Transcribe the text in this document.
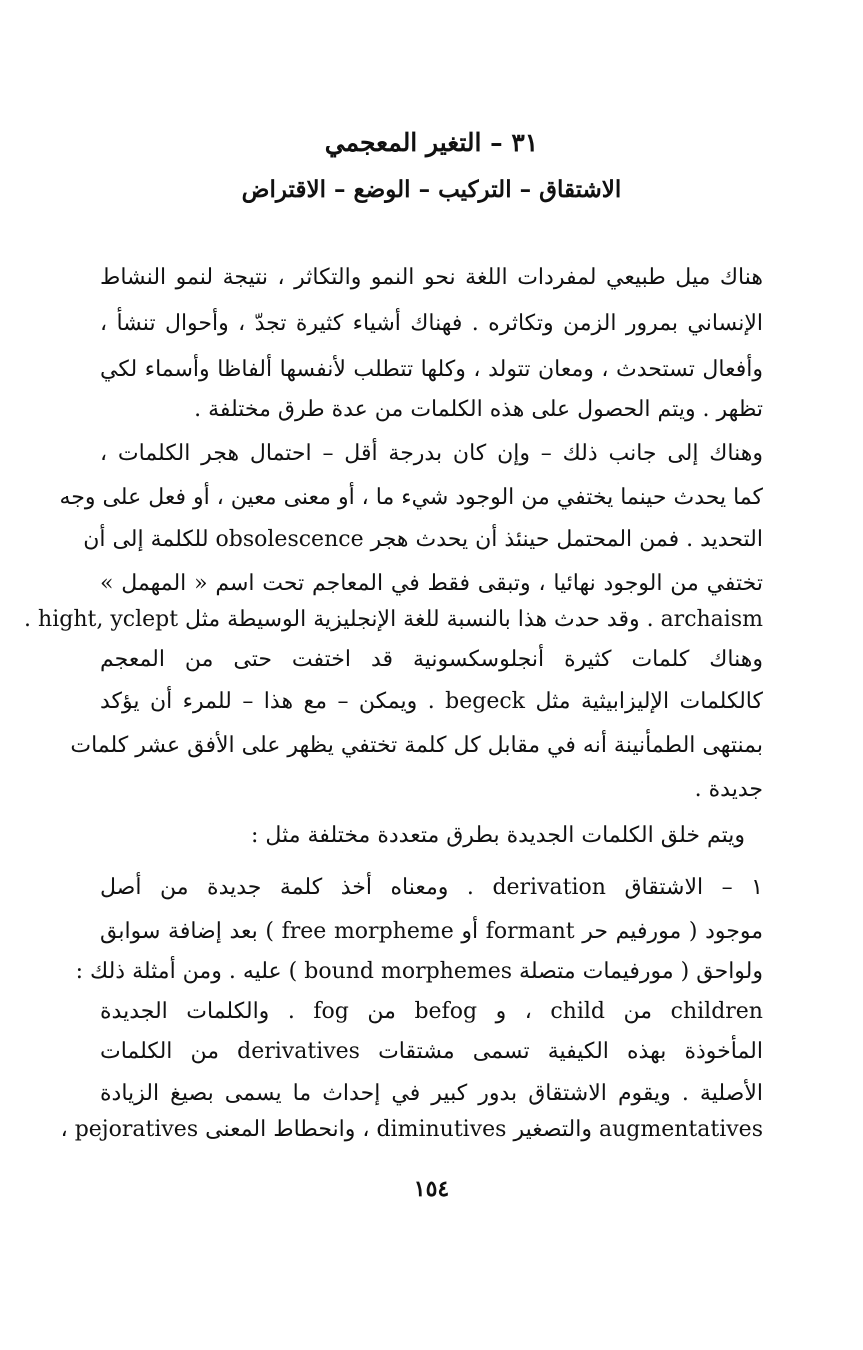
٣١ – التغير المعجمي
الاشتقاق – التركيب – الوضع – الاقتراض
هناك ميل طبيعي لمفردات اللغة نحو النمو والتكاثر ، نتيجة لنمو النشاط
الإنساني بمرور الزمن وتكاثره . فهناك أشياء كثيرة تجدّ ، وأحوال تنشأ ،
وأفعال تستحدث ، ومعان تتولد ، وكلها تتطلب لأنفسها ألفاظا وأسماء لكي
تظهر . ويتم الحصول على هذه الكلمات من عدة طرق مختلفة .
وهناك إلى جانب ذلك – وإن كان بدرجة أقل – احتمال هجر الكلمات ،
كما يحدث حينما يختفي من الوجود شيء ما ، أو معنى معين ، أو فعل على وجه
التحديد . فمن المحتمل حينئذ أن يحدث هجر obsolescence للكلمة إلى أن
تختفي من الوجود نهائيا ، وتبقى فقط في المعاجم تحت اسم « المهمل »
archaism . وقد حدث هذا بالنسبة للغة الإنجليزية الوسيطة مثل hight, yclept .
وهناك كلمات كثيرة أنجلوسكسونية قد اختفت حتى من المعجم
كالكلمات الإليزابيثية مثل begeck . ويمكن – مع هذا – للمرء أن يؤكد
بمنتهى الطمأنينة أنه في مقابل كل كلمة تختفي يظهر على الأفق عشر كلمات
جديدة .
ويتم خلق الكلمات الجديدة بطرق متعددة مختلفة مثل :
١ – الاشتقاق derivation . ومعناه أخذ كلمة جديدة من أصل
موجود ( مورفيم حر formant أو free morpheme ) بعد إضافة سوابق
ولواحق ( مورفيمات متصلة bound morphemes ) عليه . ومن أمثلة ذلك :
children من child ، و befog من fog . والكلمات الجديدة
المأخوذة بهذه الكيفية تسمى مشتقات derivatives من الكلمات
الأصلية . ويقوم الاشتقاق بدور كبير في إحداث ما يسمى بصيغ الزيادة
augmentatives والتصغير diminutives ، وانحطاط المعنى pejoratives ،
١٥٤
